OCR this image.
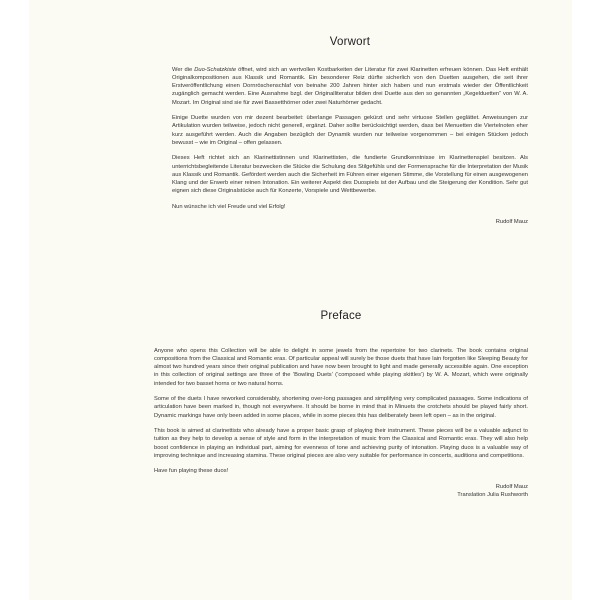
Vorwort

Wer die Duo-Schatzkiste öffnet, wird sich an wertvollen Kostbarkeiten der Literatur für zwei Klarinetten erfreuen können. Das Heft enthält Originalkompositionen aus Klassik und Romantik. Ein besonderer Reiz dürfte sicherlich von den Duetten ausgehen, die seit ihrer Erstveröffentlichung einen Dornröschenschlaf von beinahe 200 Jahren hinter sich haben und nun erstmals wieder der Öffentlichkeit zugänglich gemacht werden. Eine Ausnahme bzgl. der Originalliteratur bilden drei Duette aus den so genannten „Kegelduetten“ von W. A. Mozart. Im Original sind sie für zwei Bassetthörner oder zwei Naturhörner gedacht.

Einige Duette wurden von mir dezent bearbeitet: überlange Passagen gekürzt und sehr virtuose Stellen geglättet. Anweisungen zur Artikulation wurden teilweise, jedoch nicht generell, ergänzt. Daher sollte berücksichtigt werden, dass bei Menuetten die Viertelnoten eher kurz ausgeführt werden. Auch die Angaben bezüglich der Dynamik wurden nur teilweise vorgenommen – bei einigen Stücken jedoch bewusst – wie im Original – offen gelassen.

Dieses Heft richtet sich an Klarinettistinnen und Klarinettisten, die fundierte Grundkenntnisse im Klarinettenspiel besitzen. Als unterrichtsbegleitende Literatur bezwecken die Stücke die Schulung des Stilgefühls und der Formensprache für die Interpretation der Musik aus Klassik und Romantik. Gefördert werden auch die Sicherheit im Führen einer eigenen Stimme, die Vorstellung für einen ausgewogenen Klang und der Erwerb einer reinen Intonation. Ein weiterer Aspekt des Duospiels ist der Aufbau und die Steigerung der Kondition. Sehr gut eignen sich diese Originalstücke auch für Konzerte, Vorspiele und Wettbewerbe.

Nun wünsche ich viel Freude und viel Erfolg!

Rudolf Mauz

Preface

Anyone who opens this Collection will be able to delight in some jewels from the repertoire for two clarinets. The book contains original compositions from the Classical and Romantic eras. Of particular appeal will surely be those duets that have lain forgotten like Sleeping Beauty for almost two hundred years since their original publication and have now been brought to light and made generally accessible again. One exception in this collection of original settings are three of the ‘Bowling Duets’ (‘composed while playing skittles’) by W. A. Mozart, which were originally intended for two basset horns or two natural horns.

Some of the duets I have reworked considerably, shortening over-long passages and simplifying very complicated passages. Some indications of articulation have been marked in, though not everywhere. It should be borne in mind that in Minuets the crotchets should be played fairly short. Dynamic markings have only been added in some places, while in some pieces this has deliberately been left open – as in the original.

This book is aimed at clarinettists who already have a proper basic grasp of playing their instrument. These pieces will be a valuable adjunct to tuition as they help to develop a sense of style and form in the interpretation of music from the Classical and Romantic eras. They will also help boost confidence in playing an individual part, aiming for evenness of tone and achieving purity of intonation. Playing duos is a valuable way of improving technique and increasing stamina. These original pieces are also very suitable for performance in concerts, auditions and competitions.

Have fun playing these duos!

Rudolf Mauz

Translation Julia Rushworth
